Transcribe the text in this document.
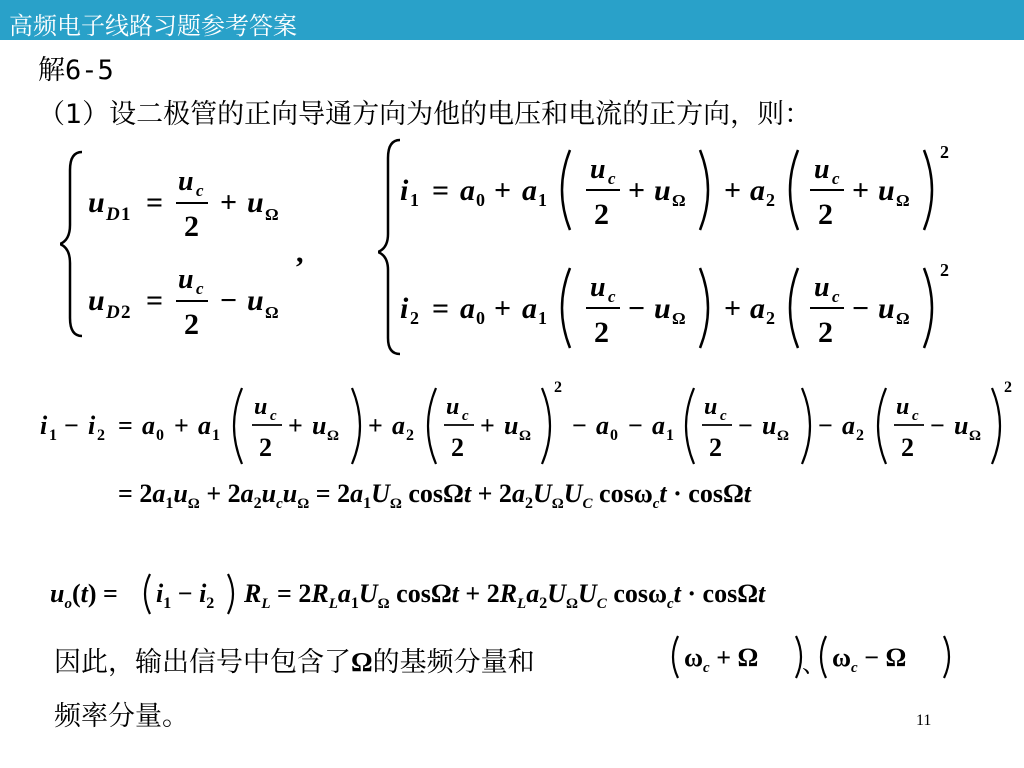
高频电子线路习题参考答案
解6-5
（1）设二极管的正向导通方向为他的电压和电流的正方向，则：
u D 1 =
u c
2
+ u Ω
u D 2 =
u c
2
− u Ω
,
i 1 = a 0 + a 1
u c
2
+ u Ω + a 2
u c
2
+ u Ω
2
i 2 = a 0 + a 1
u c
2
− u Ω + a 2
u c
2
− u Ω
2
i 1 − i 2 = a 0 + a 1
u c
2
+ u Ω + a 2
u c
2
+ u Ω
2
− a 0 − a 1
u c
2
− u Ω − a 2
u c
2
− u Ω
2
= $2a_1u_\Omega + 2a_2u_cu_\Omega = 2a_1U_\Omega$ $\cos\Omega t + 2a_2U_\Omega U_C$ cosω$_c$t · cosΩt
$u_o(t) = i_1 - i_2$ $R_L = 2R_La_1U_\Omega$ $\cos\Omega t + 2R_La_2U_\Omega U_C$ cosω$_c$t · cosΩt
因此，输出信号中包含了Ω的基频分量和	$\omega_c + \Omega$ 、 $\omega_c - \Omega$
频率分量。	11
